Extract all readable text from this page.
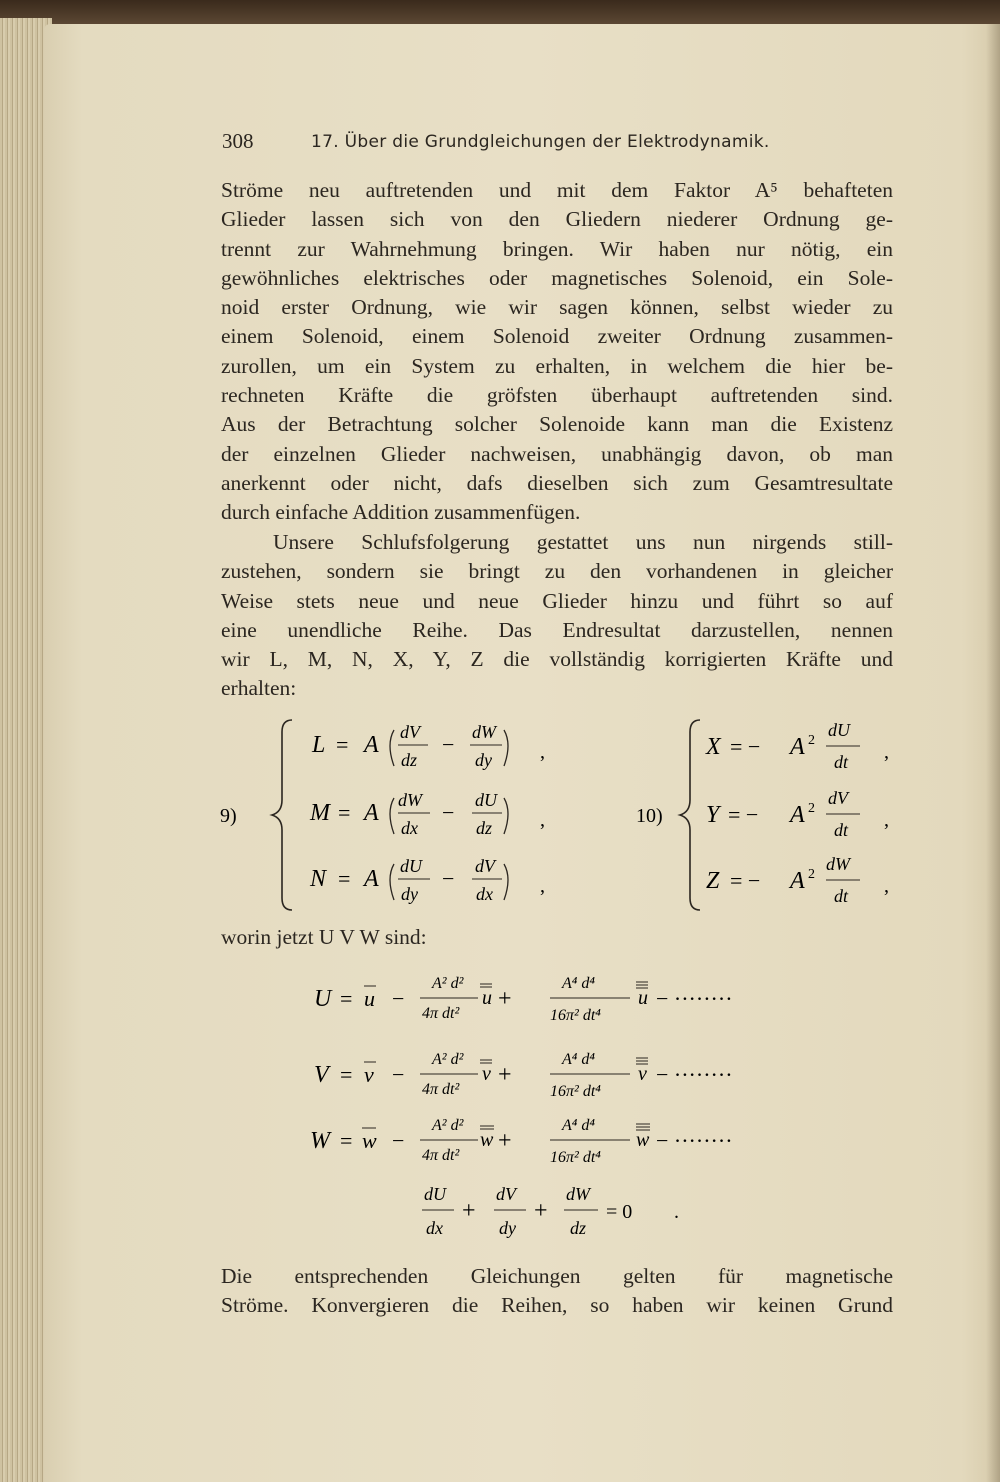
308	17. Über die Grundgleichungen der Elektrodynamik.
Ströme neu auftretenden und mit dem Faktor A⁵ behafteten
Glieder lassen sich von den Gliedern niederer Ordnung ge-
trennt zur Wahrnehmung bringen. Wir haben nur nötig, ein
gewöhnliches elektrisches oder magnetisches Solenoid, ein Sole-
noid erster Ordnung, wie wir sagen können, selbst wieder zu
einem Solenoid, einem Solenoid zweiter Ordnung zusammen-
zurollen, um ein System zu erhalten, in welchem die hier be-
rechneten Kräfte die gröfsten überhaupt auftretenden sind.
Aus der Betrachtung solcher Solenoide kann man die Existenz
der einzelnen Glieder nachweisen, unabhängig davon, ob man
anerkennt oder nicht, dafs dieselben sich zum Gesamtresultate
durch einfache Addition zusammenfügen.
Unsere Schlufsfolgerung gestattet uns nun nirgends still-
zustehen, sondern sie bringt zu den vorhandenen in gleicher
Weise stets neue und neue Glieder hinzu und führt so auf
eine unendliche Reihe. Das Endresultat darzustellen, nennen
wir L, M, N, X, Y, Z die vollständig korrigierten Kräfte und
erhalten:
9)
L = A dV
dz
− dW
dy ,
M = A dW
dx
− dU
dz ,
N = A dU
dy
− dV
dx ,
10)
X = − A 2
dU
dt ,
Y = − A 2
dV
dt ,
Z = − A 2
dW
dt ,
worin jetzt U V W sind:
U = u −
A² d²
4π dt²
u +
A⁴ d⁴
16π² dt⁴
u − ········
V = v −
A² d²
4π dt²
v +
A⁴ d⁴
16π² dt⁴
v − ········
W = w −
A² d²
4π dt²
w +
A⁴ d⁴
16π² dt⁴
w − ········
dU
dx
+
dV
dy
+
dW
dz
= 0 .
Die entsprechenden Gleichungen gelten für magnetische
Ströme. Konvergieren die Reihen, so haben wir keinen Grund
